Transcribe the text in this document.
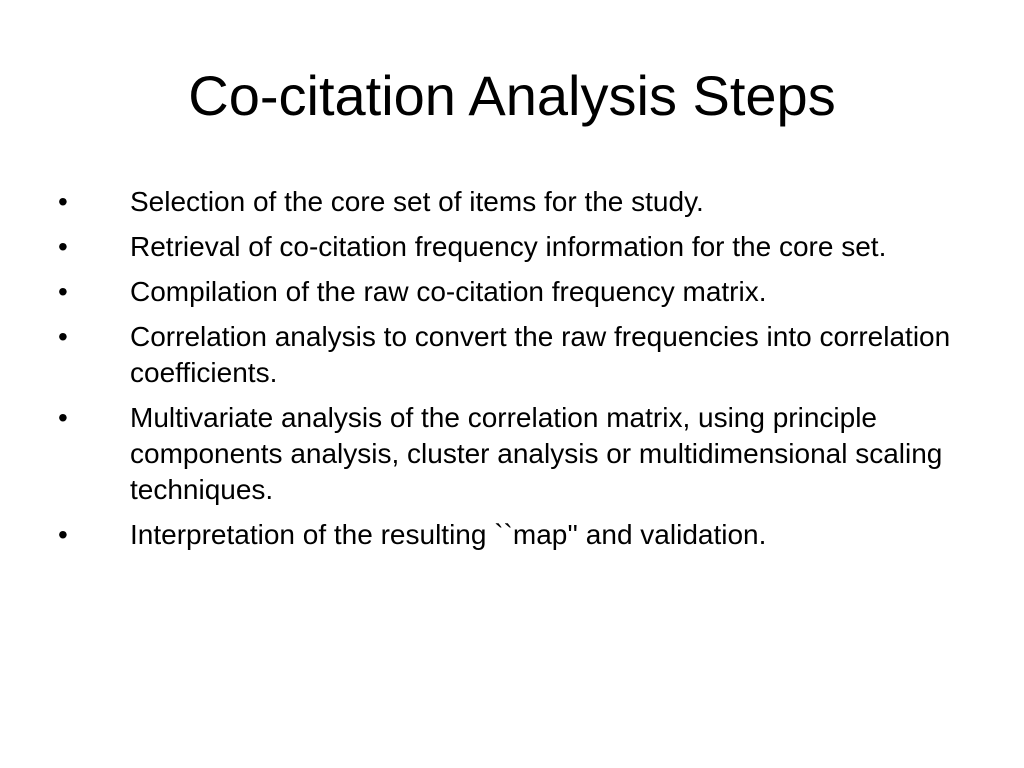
Co-citation Analysis Steps
•	Selection of the core set of items for the study.
•	Retrieval of co-citation frequency information for the core set.
•	Compilation of the raw co-citation frequency matrix.
•	Correlation analysis to convert the raw frequencies into correlation coefficients.
•	Multivariate analysis of the correlation matrix, using principle components analysis, cluster analysis or multidimensional scaling techniques.
•	Interpretation of the resulting ``map'' and validation.
